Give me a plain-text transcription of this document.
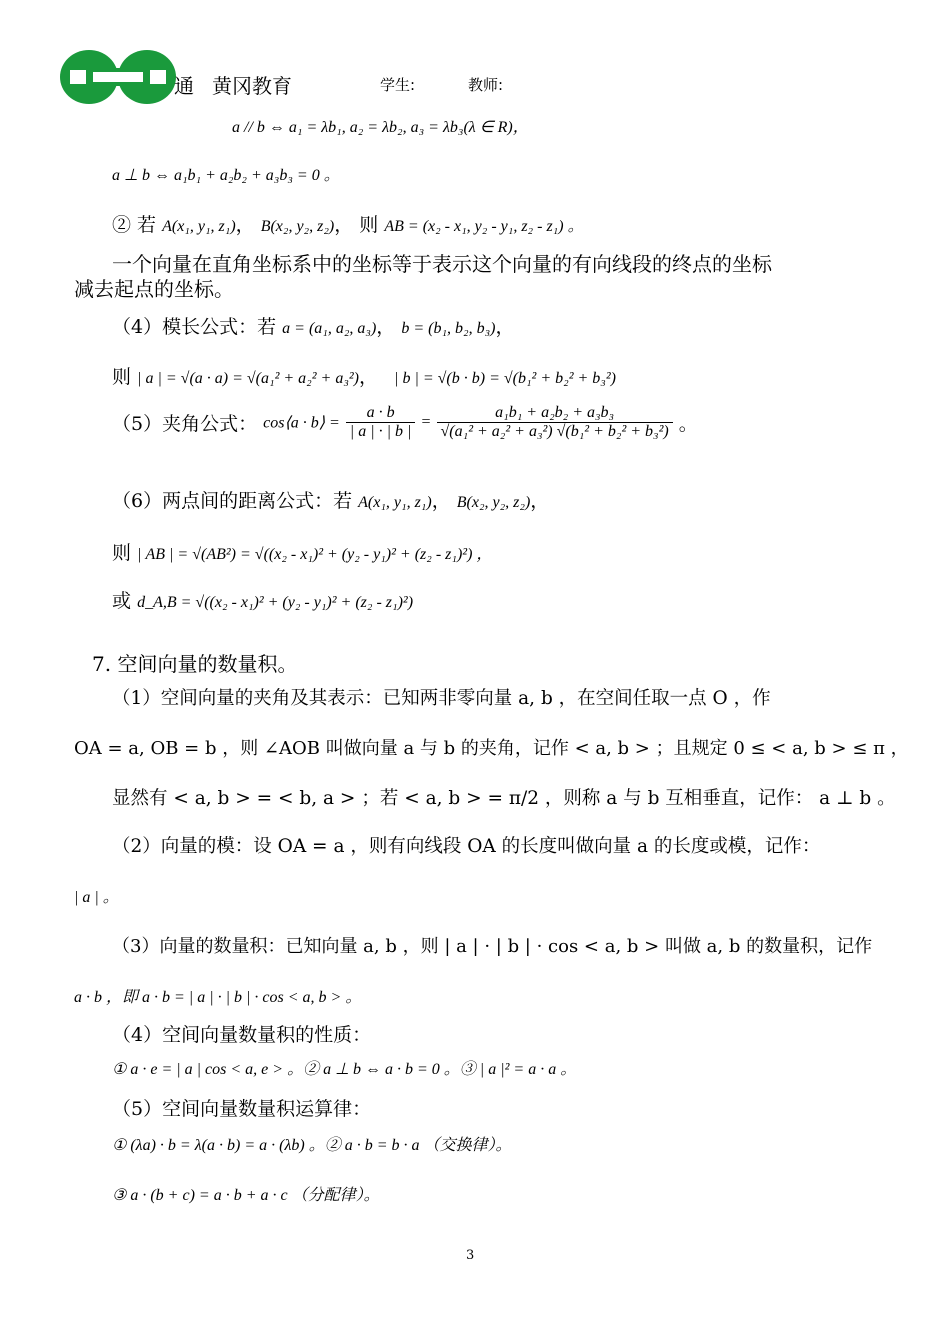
通 黄冈教育	学生:	教师:
a // b ⇔ a₁ = λb₁, a₂ = λb₂, a₃ = λb₃(λ ∈ R)，
a ⊥ b ⇔ a₁b₁ + a₂b₂ + a₃b₃ = 0 。
② 若 A(x₁, y₁, z₁)， B(x₂, y₂, z₂)， 则 AB = (x₂ - x₁, y₂ - y₁, z₂ - z₁) 。
一个向量在直角坐标系中的坐标等于表示这个向量的有向线段的终点的坐标
减去起点的坐标。
（4）模长公式：若 a = (a₁, a₂, a₃)， b = (b₁, b₂, b₃)，
则 | a | = √(a · a) = √(a₁² + a₂² + a₃²)， | b | = √(b · b) = √(b₁² + b₂² + b₃²)
（5）夹角公式： cos⟨a · b⟩ = $\frac{a \cdot b}{| a | \cdot | b |} = \frac{\text{a₁b₁ + a₂b₂ + a₃b₃}}{\text{√(a₁² + a₂² + a₃²) √(b₁² + b₂² + b₃²)}}$ 。
（6）两点间的距离公式：若 A(x₁, y₁, z₁)， B(x₂, y₂, z₂)，
则 | AB | = √(AB²) = √((x₂ - x₁)² + (y₂ - y₁)² + (z₂ - z₁)²) ，
或 d_A,B = √((x₂ - x₁)² + (y₂ - y₁)² + (z₂ - z₁)²)
7. 空间向量的数量积。
（1）空间向量的夹角及其表示：已知两非零向量 a, b ，在空间任取一点 O ，作
OA = a, OB = b ，则 ∠AOB 叫做向量 a 与 b 的夹角，记作 < a, b > ；且规定 0 ≤ < a, b > ≤ π ，
显然有 < a, b > = < b, a > ；若 < a, b > = π/2 ，则称 a 与 b 互相垂直，记作： a ⊥ b 。
（2）向量的模：设 OA = a ，则有向线段 OA 的长度叫做向量 a 的长度或模，记作：
| a | 。
（3）向量的数量积：已知向量 a, b ，则 | a | · | b | · cos < a, b > 叫做 a, b 的数量积，记作
a · b ，即 a · b = | a | · | b | · cos < a, b > 。
（4）空间向量数量积的性质：
① a · e = | a | cos < a, e > 。② a ⊥ b ⇔ a · b = 0 。③ | a |² = a · a 。
（5）空间向量数量积运算律：
① (λa) · b = λ(a · b) = a · (λb) 。② a · b = b · a （交换律）。
③ a · (b + c) = a · b + a · c （分配律）。
3
